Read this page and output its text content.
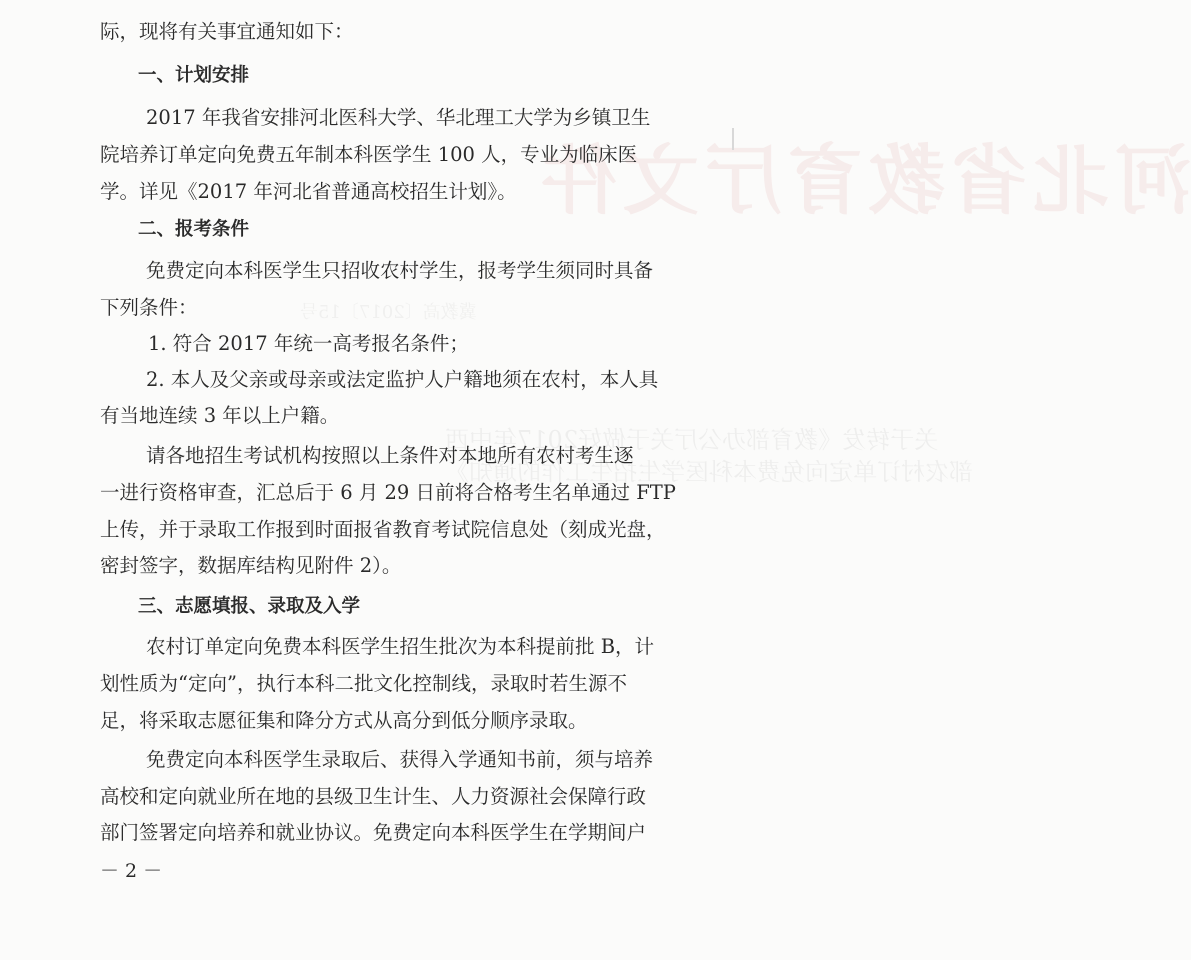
河北省教育厅文件
冀教高〔2017〕15号
关于转发《教育部办公厅关于做好2017年中西
部农村订单定向免费本科医学生招生工作的通知》
际，现将有关事宜通知如下：
一、计划安排
2017 年我省安排河北医科大学、华北理工大学为乡镇卫生
院培养订单定向免费五年制本科医学生 100 人，专业为临床医
学。详见《2017 年河北省普通高校招生计划》。
二、报考条件
免费定向本科医学生只招收农村学生，报考学生须同时具备
下列条件：
1. 符合 2017 年统一高考报名条件；
2. 本人及父亲或母亲或法定监护人户籍地须在农村，本人具
有当地连续 3 年以上户籍。
请各地招生考试机构按照以上条件对本地所有农村考生逐
一进行资格审查，汇总后于 6 月 29 日前将合格考生名单通过 FTP
上传，并于录取工作报到时面报省教育考试院信息处（刻成光盘，
密封签字，数据库结构见附件 2）。
三、志愿填报、录取及入学
农村订单定向免费本科医学生招生批次为本科提前批 B，计
划性质为“定向”，执行本科二批文化控制线，录取时若生源不
足，将采取志愿征集和降分方式从高分到低分顺序录取。
免费定向本科医学生录取后、获得入学通知书前，须与培养
高校和定向就业所在地的县级卫生计生、人力资源社会保障行政
部门签署定向培养和就业协议。免费定向本科医学生在学期间户
－ 2 －
